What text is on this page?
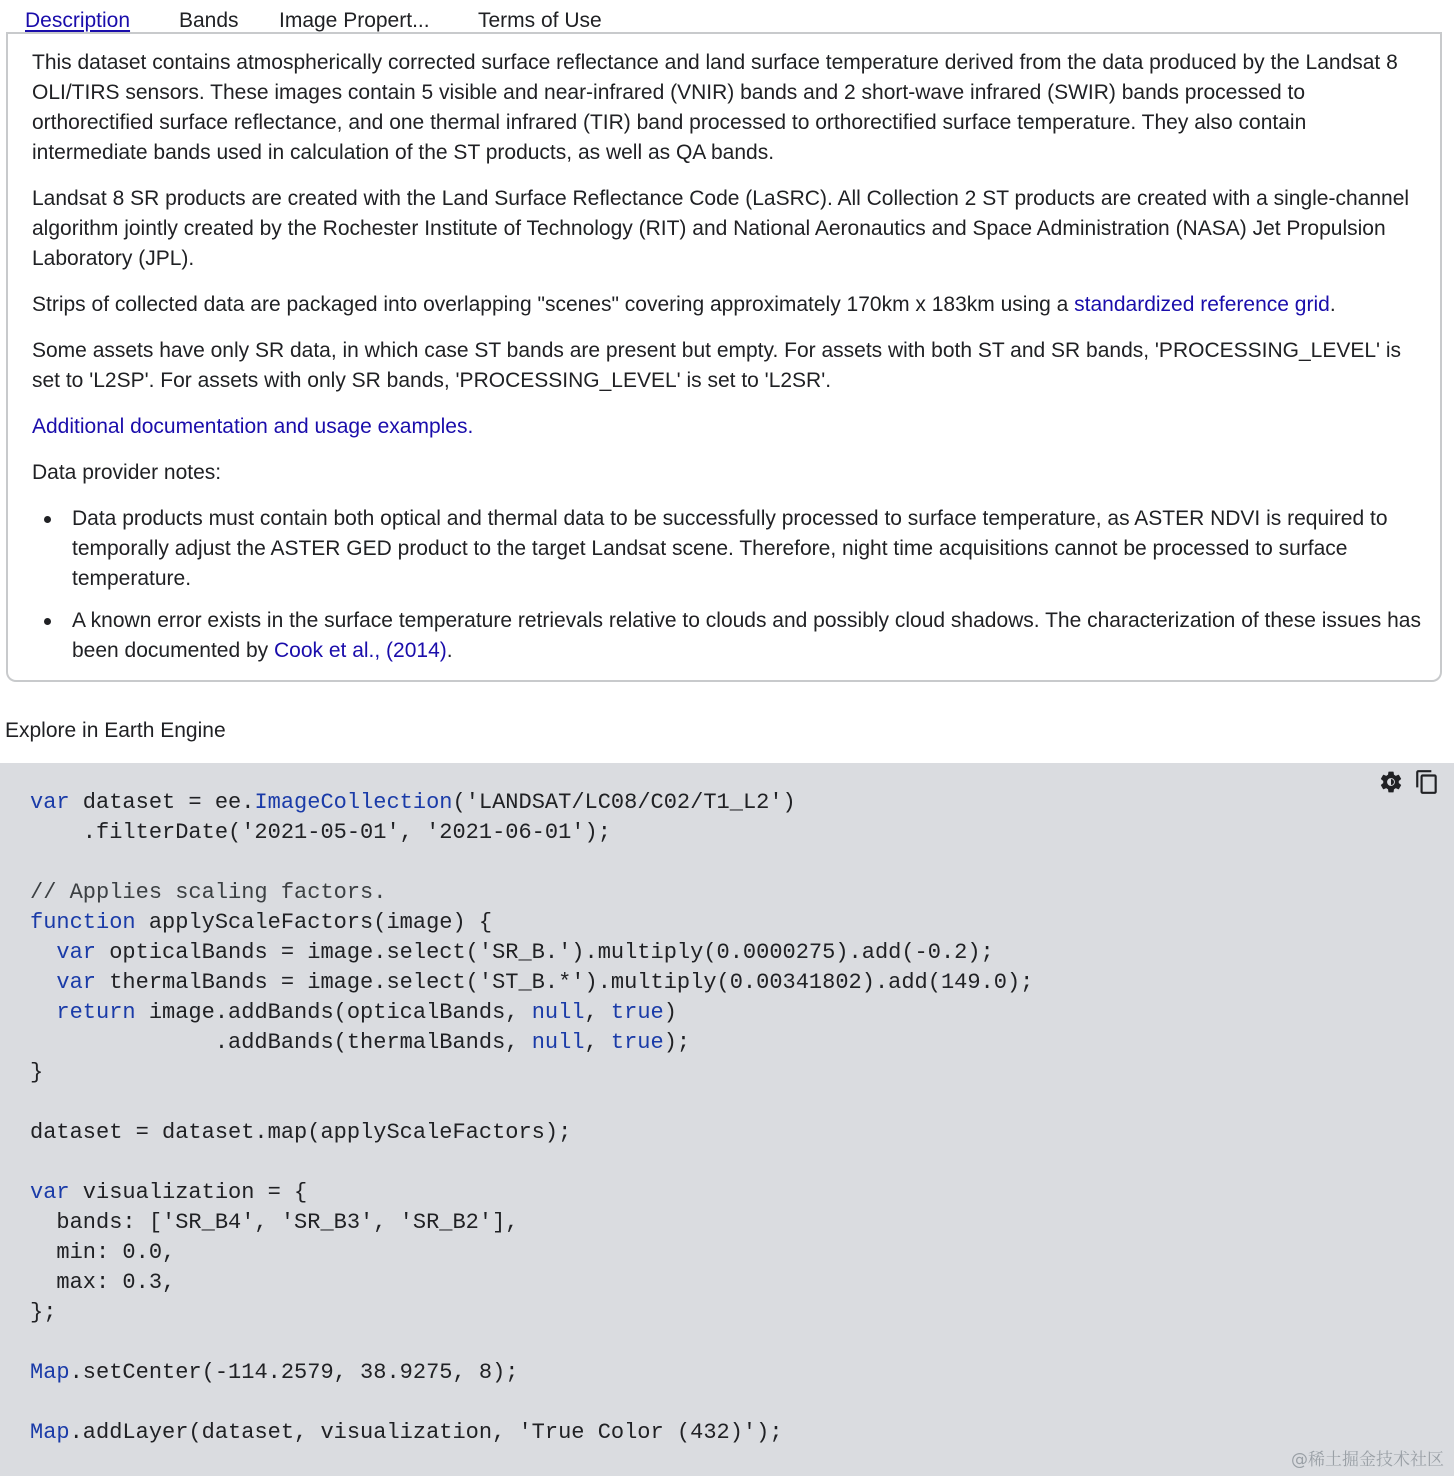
Description Bands Image Propert... Terms of Use

This dataset contains atmospherically corrected surface reflectance and land surface temperature derived from the data produced by the Landsat 8 OLI/TIRS sensors. These images contain 5 visible and near-infrared (VNIR) bands and 2 short-wave infrared (SWIR) bands processed to orthorectified surface reflectance, and one thermal infrared (TIR) band processed to orthorectified surface temperature. They also contain intermediate bands used in calculation of the ST products, as well as QA bands.

Landsat 8 SR products are created with the Land Surface Reflectance Code (LaSRC). All Collection 2 ST products are created with a single-channel algorithm jointly created by the Rochester Institute of Technology (RIT) and National Aeronautics and Space Administration (NASA) Jet Propulsion Laboratory (JPL).

Strips of collected data are packaged into overlapping "scenes" covering approximately 170km x 183km using a standardized reference grid.

Some assets have only SR data, in which case ST bands are present but empty. For assets with both ST and SR bands, 'PROCESSING_LEVEL' is set to 'L2SP'. For assets with only SR bands, 'PROCESSING_LEVEL' is set to 'L2SR'.

Additional documentation and usage examples.

Data provider notes:

Data products must contain both optical and thermal data to be successfully processed to surface temperature, as ASTER NDVI is required to temporally adjust the ASTER GED product to the target Landsat scene. Therefore, night time acquisitions cannot be processed to surface temperature.
A known error exists in the surface temperature retrievals relative to clouds and possibly cloud shadows. The characterization of these issues has been documented by Cook et al., (2014).
Explore in Earth Engine

var dataset = ee.ImageCollection('LANDSAT/LC08/C02/T1_L2')
.filterDate('2021-05-01', '2021-06-01');

// Applies scaling factors.
function applyScaleFactors(image) {
var opticalBands = image.select('SR_B.').multiply(0.0000275).add(-0.2);
var thermalBands = image.select('ST_B.*').multiply(0.00341802).add(149.0);
return image.addBands(opticalBands, null, true)
.addBands(thermalBands, null, true);
}

dataset = dataset.map(applyScaleFactors);

var visualization = {
bands: ['SR_B4', 'SR_B3', 'SR_B2'],
min: 0.0,
max: 0.3,
};

Map.setCenter(-114.2579, 38.9275, 8);

Map.addLayer(dataset, visualization, 'True Color (432)');
@稀土掘金技术社区
